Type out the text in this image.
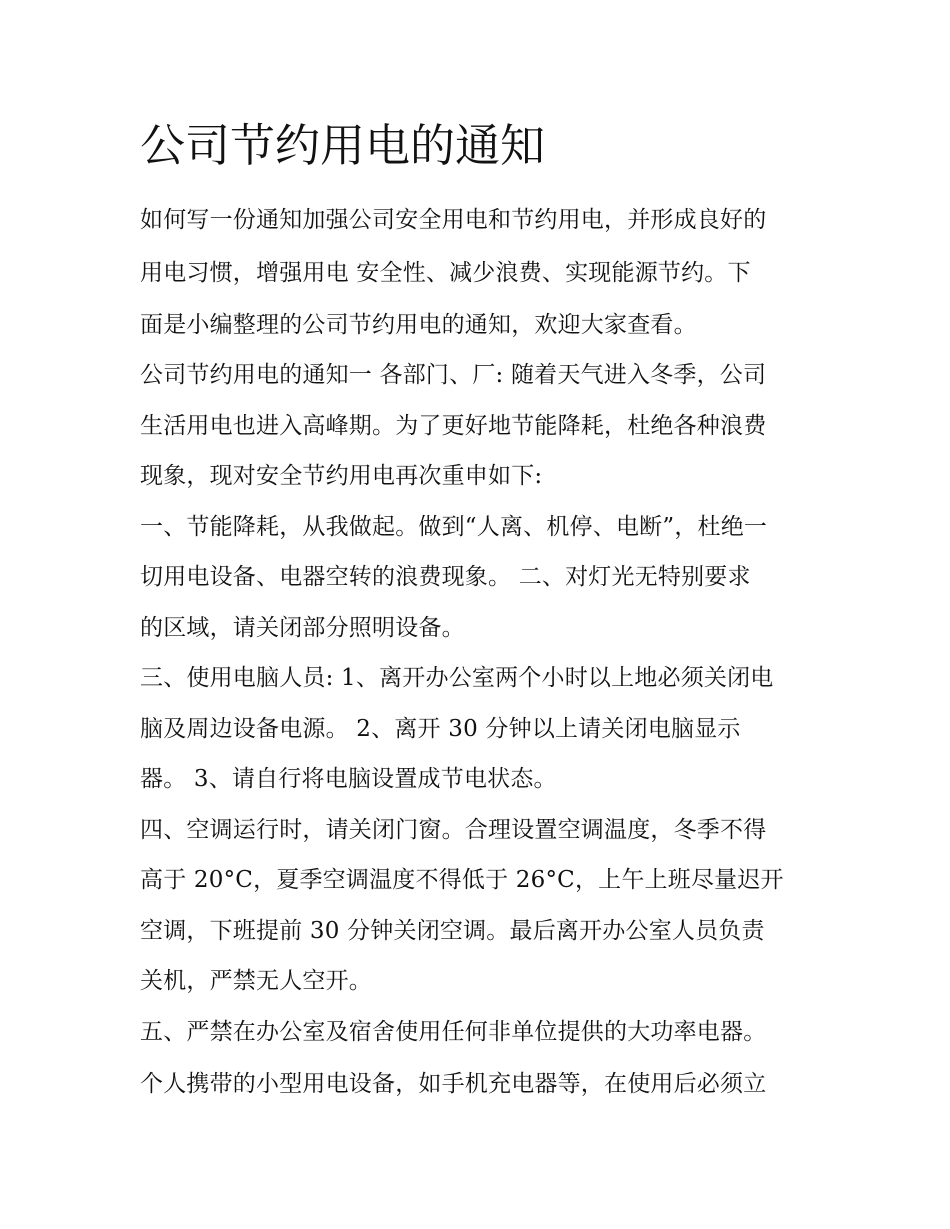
公司节约用电的通知
如何写一份通知加强公司安全用电和节约用电，并形成良好的
用电习惯，增强用电 安全性、减少浪费、实现能源节约。下
面是小编整理的公司节约用电的通知，欢迎大家查看。
公司节约用电的通知一 各部门、厂: 随着天气进入冬季，公司
生活用电也进入高峰期。为了更好地节能降耗，杜绝各种浪费
现象，现对安全节约用电再次重申如下:
一、节能降耗，从我做起。做到“人离、机停、电断”，杜绝一
切用电设备、电器空转的浪费现象。 二、对灯光无特别要求
的区域，请关闭部分照明设备。
三、使用电脑人员: 1、离开办公室两个小时以上地必须关闭电
脑及周边设备电源。 2、离开 30 分钟以上请关闭电脑显示
器。 3、请自行将电脑设置成节电状态。
四、空调运行时，请关闭门窗。合理设置空调温度，冬季不得
高于 20°C，夏季空调温度不得低于 26°C，上午上班尽量迟开
空调，下班提前 30 分钟关闭空调。最后离开办公室人员负责
关机，严禁无人空开。
五、严禁在办公室及宿舍使用任何非单位提供的大功率电器。
个人携带的小型用电设备，如手机充电器等，在使用后必须立
